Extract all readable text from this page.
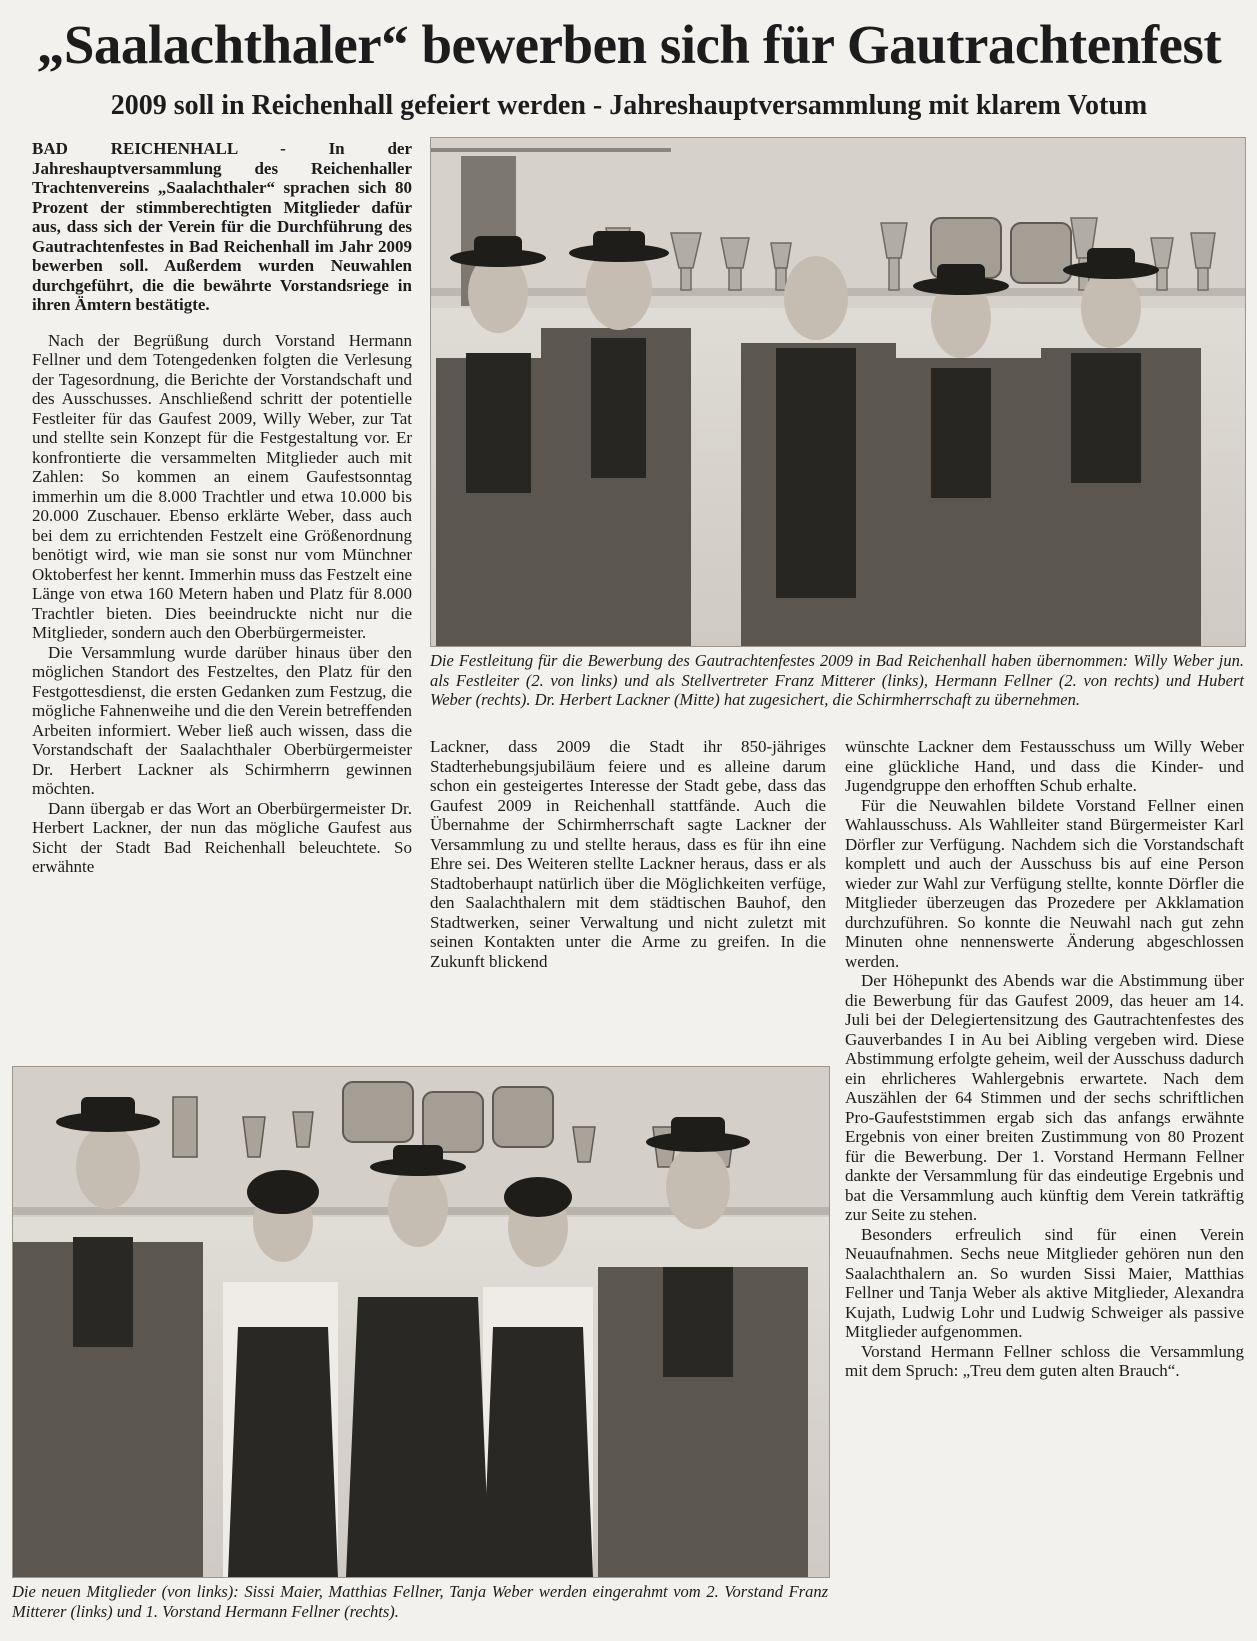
„Saalachthaler“ bewerben sich für Gautrachtenfest
2009 soll in Reichenhall gefeiert werden - Jahreshauptversammlung mit klarem Votum

BAD REICHENHALL - In der Jahreshauptversammlung des Reichenhaller Trachtenvereins „Saalachthaler“ sprachen sich 80 Prozent der stimmberechtigten Mitglieder dafür aus, dass sich der Verein für die Durchführung des Gautrachtenfestes in Bad Reichenhall im Jahr 2009 bewerben soll. Außerdem wurden Neuwahlen durchgeführt, die die bewährte Vorstandsriege in ihren Ämtern bestätigte.

Nach der Begrüßung durch Vorstand Hermann Fellner und dem Totengedenken folgten die Verlesung der Tagesordnung, die Berichte der Vorstandschaft und des Ausschusses. Anschließend schritt der potentielle Festleiter für das Gaufest 2009, Willy Weber, zur Tat und stellte sein Konzept für die Festgestaltung vor. Er konfrontierte die versammelten Mitglieder auch mit Zahlen: So kommen an einem Gaufestsonntag immerhin um die 8.000 Trachtler und etwa 10.000 bis 20.000 Zuschauer. Ebenso erklärte Weber, dass auch bei dem zu errichtenden Festzelt eine Größenordnung benötigt wird, wie man sie sonst nur vom Münchner Oktoberfest her kennt. Immerhin muss das Festzelt eine Länge von etwa 160 Metern haben und Platz für 8.000 Trachtler bieten. Dies beeindruckte nicht nur die Mitglieder, sondern auch den Oberbürgermeister.

Die Versammlung wurde darüber hinaus über den möglichen Standort des Festzeltes, den Platz für den Festgottesdienst, die ersten Gedanken zum Festzug, die mögliche Fahnenweihe und die den Verein betreffenden Arbeiten informiert. Weber ließ auch wissen, dass die Vorstandschaft der Saalachthaler Oberbürgermeister Dr. Herbert Lackner als Schirmherrn gewinnen möchten.

Dann übergab er das Wort an Oberbürgermeister Dr. Herbert Lackner, der nun das mögliche Gaufest aus Sicht der Stadt Bad Reichenhall beleuchtete. So erwähnte

Die Festleitung für die Bewerbung des Gautrachtenfestes 2009 in Bad Reichenhall haben übernommen: Willy Weber jun. als Festleiter (2. von links) und als Stellvertreter Franz Mitterer (links), Hermann Fellner (2. von rechts) und Hubert Weber (rechts). Dr. Herbert Lackner (Mitte) hat zugesichert, die Schirmherrschaft zu übernehmen.

Lackner, dass 2009 die Stadt ihr 850-jähriges Stadterhebungsjubiläum feiere und es alleine darum schon ein gesteigertes Interesse der Stadt gebe, dass das Gaufest 2009 in Reichenhall stattfände. Auch die Übernahme der Schirmherrschaft sagte Lackner der Versammlung zu und stellte heraus, dass es für ihn eine Ehre sei. Des Weiteren stellte Lackner heraus, dass er als Stadtoberhaupt natürlich über die Möglichkeiten verfüge, den Saalachthalern mit dem städtischen Bauhof, den Stadtwerken, seiner Verwaltung und nicht zuletzt mit seinen Kontakten unter die Arme zu greifen. In die Zukunft blickend

wünschte Lackner dem Festausschuss um Willy Weber eine glückliche Hand, und dass die Kinder- und Jugendgruppe den erhofften Schub erhalte.

Für die Neuwahlen bildete Vorstand Fellner einen Wahlausschuss. Als Wahlleiter stand Bürgermeister Karl Dörfler zur Verfügung. Nachdem sich die Vorstandschaft komplett und auch der Ausschuss bis auf eine Person wieder zur Wahl zur Verfügung stellte, konnte Dörfler die Mitglieder überzeugen das Prozedere per Akklamation durchzuführen. So konnte die Neuwahl nach gut zehn Minuten ohne nennenswerte Änderung abgeschlossen werden.

Der Höhepunkt des Abends war die Abstimmung über die Bewerbung für das Gaufest 2009, das heuer am 14. Juli bei der Delegiertensitzung des Gautrachtenfestes des Gauverbandes I in Au bei Aibling vergeben wird. Diese Abstimmung erfolgte geheim, weil der Ausschuss dadurch ein ehrlicheres Wahlergebnis erwartete. Nach dem Auszählen der 64 Stimmen und der sechs schriftlichen Pro-Gaufeststimmen ergab sich das anfangs erwähnte Ergebnis von einer breiten Zustimmung von 80 Prozent für die Bewerbung. Der 1. Vorstand Hermann Fellner dankte der Versammlung für das eindeutige Ergebnis und bat die Versammlung auch künftig dem Verein tatkräftig zur Seite zu stehen.

Besonders erfreulich sind für einen Verein Neuaufnahmen. Sechs neue Mitglieder gehören nun den Saalachthalern an. So wurden Sissi Maier, Matthias Fellner und Tanja Weber als aktive Mitglieder, Alexandra Kujath, Ludwig Lohr und Ludwig Schweiger als passive Mitglieder aufgenommen.

Vorstand Hermann Fellner schloss die Versammlung mit dem Spruch: „Treu dem guten alten Brauch“.

Die neuen Mitglieder (von links): Sissi Maier, Matthias Fellner, Tanja Weber werden eingerahmt vom 2. Vorstand Franz Mitterer (links) und 1. Vorstand Hermann Fellner (rechts).
